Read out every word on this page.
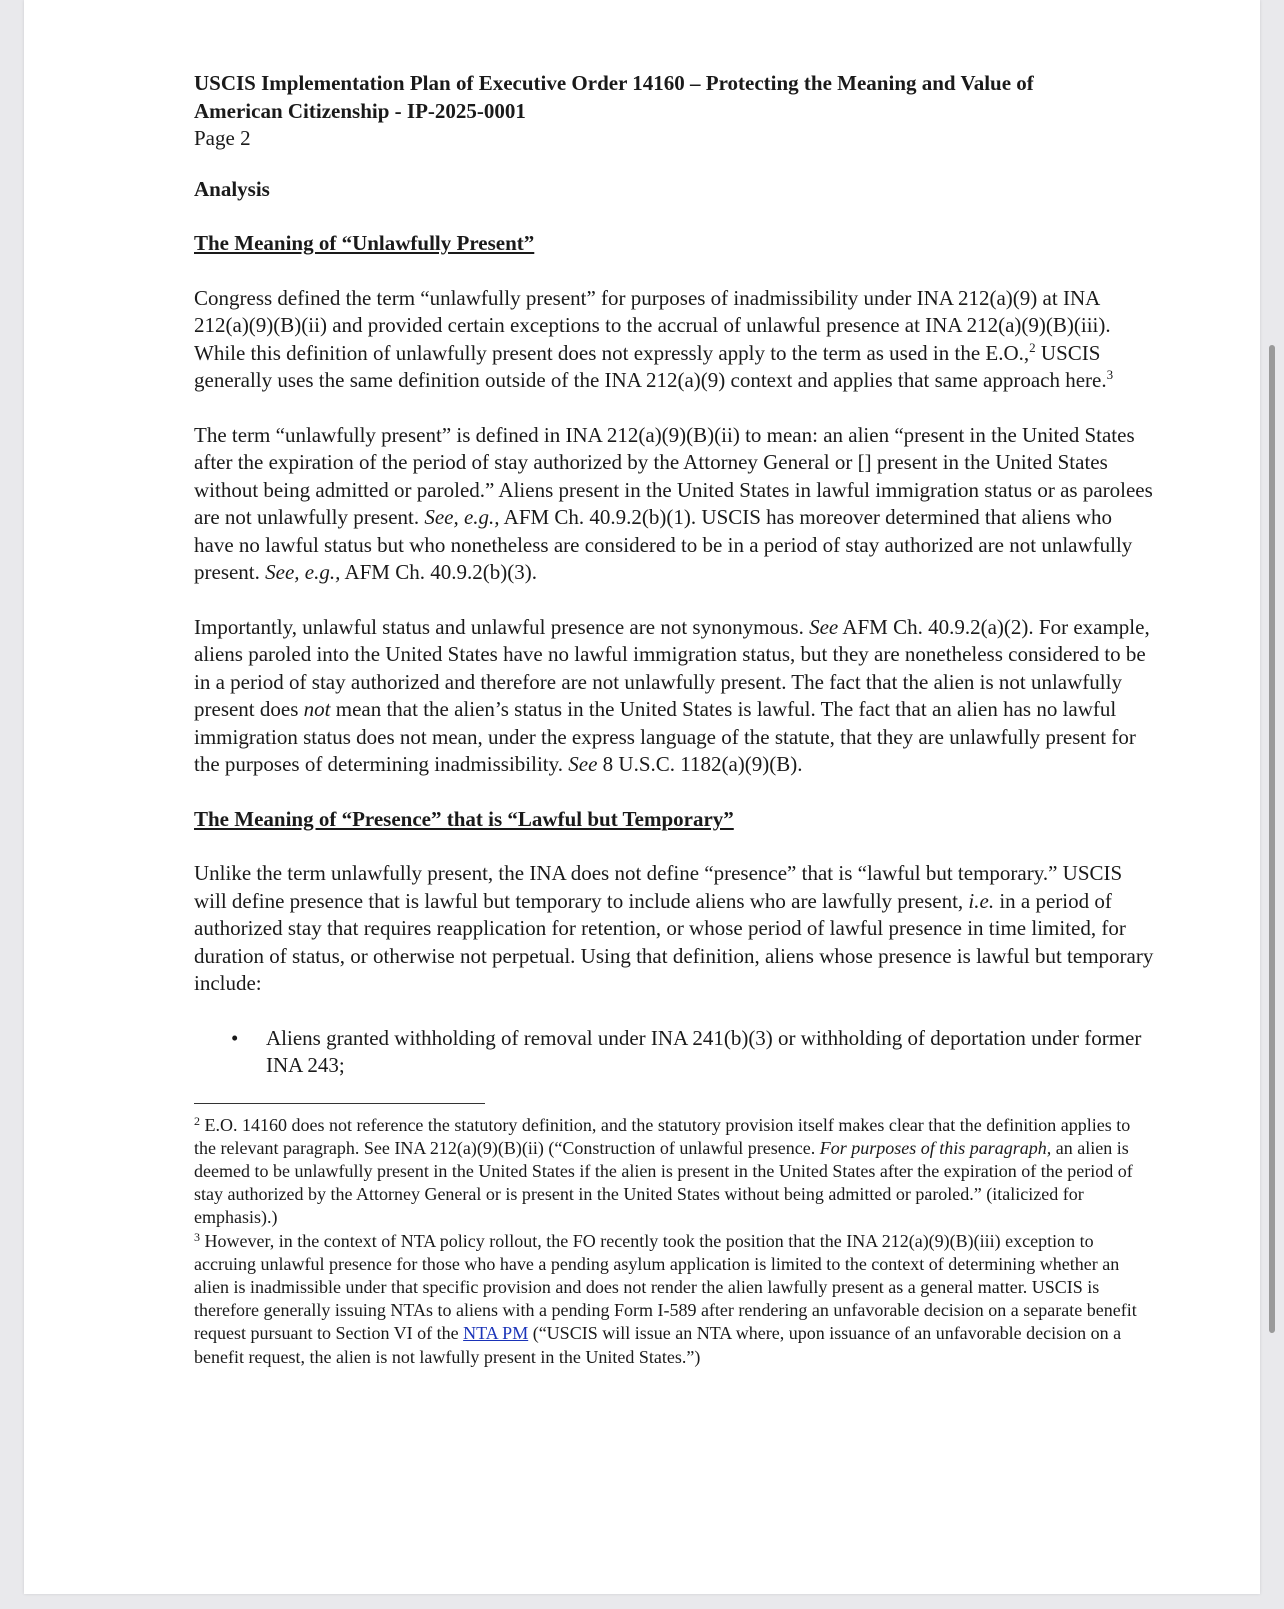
USCIS Implementation Plan of Executive Order 14160 – Protecting the Meaning and Value of
American Citizenship - IP-2025-0001

Page 2

Analysis

The Meaning of “Unlawfully Present”

Congress defined the term “unlawfully present” for purposes of inadmissibility under INA 212(a)(9) at INA 212(a)(9)(B)(ii) and provided certain exceptions to the accrual of unlawful presence at INA 212(a)(9)(B)(iii). While this definition of unlawfully present does not expressly apply to the term as used in the E.O.,$^2$ USCIS generally uses the same definition outside of the INA 212(a)(9) context and applies that same approach here.$^3$

The term “unlawfully present” is defined in INA 212(a)(9)(B)(ii) to mean: an alien “present in the United States after the expiration of the period of stay authorized by the Attorney General or [] present in the United States without being admitted or paroled.” Aliens present in the United States in lawful immigration status or as parolees are not unlawfully present. See, e.g., AFM Ch. 40.9.2(b)(1). USCIS has moreover determined that aliens who have no lawful status but who nonetheless are considered to be in a period of stay authorized are not unlawfully present. See, e.g., AFM Ch. 40.9.2(b)(3).

Importantly, unlawful status and unlawful presence are not synonymous. See AFM Ch. 40.9.2(a)(2). For example, aliens paroled into the United States have no lawful immigration status, but they are nonetheless considered to be in a period of stay authorized and therefore are not unlawfully present. The fact that the alien is not unlawfully present does not mean that the alien’s status in the United States is lawful. The fact that an alien has no lawful immigration status does not mean, under the express language of the statute, that they are unlawfully present for the purposes of determining inadmissibility. See 8 U.S.C. 1182(a)(9)(B).

The Meaning of “Presence” that is “Lawful but Temporary”

Unlike the term unlawfully present, the INA does not define “presence” that is “lawful but temporary.” USCIS will define presence that is lawful but temporary to include aliens who are lawfully present, i.e. in a period of authorized stay that requires reapplication for retention, or whose period of lawful presence in time limited, for duration of status, or otherwise not perpetual. Using that definition, aliens whose presence is lawful but temporary include:

• Aliens granted withholding of removal under INA 241(b)(3) or withholding of deportation under former INA 243;

$^2$ E.O. 14160 does not reference the statutory definition, and the statutory provision itself makes clear that the definition applies to the relevant paragraph. See INA 212(a)(9)(B)(ii) (“Construction of unlawful presence. For purposes of this paragraph, an alien is deemed to be unlawfully present in the United States if the alien is present in the United States after the expiration of the period of stay authorized by the Attorney General or is present in the United States without being admitted or paroled.” (italicized for emphasis).)

$^3$ However, in the context of NTA policy rollout, the FO recently took the position that the INA 212(a)(9)(B)(iii) exception to accruing unlawful presence for those who have a pending asylum application is limited to the context of determining whether an alien is inadmissible under that specific provision and does not render the alien lawfully present as a general matter. USCIS is therefore generally issuing NTAs to aliens with a pending Form I-589 after rendering an unfavorable decision on a separate benefit request pursuant to Section VI of the NTA PM (“USCIS will issue an NTA where, upon issuance of an unfavorable decision on a benefit request, the alien is not lawfully present in the United States.”)
